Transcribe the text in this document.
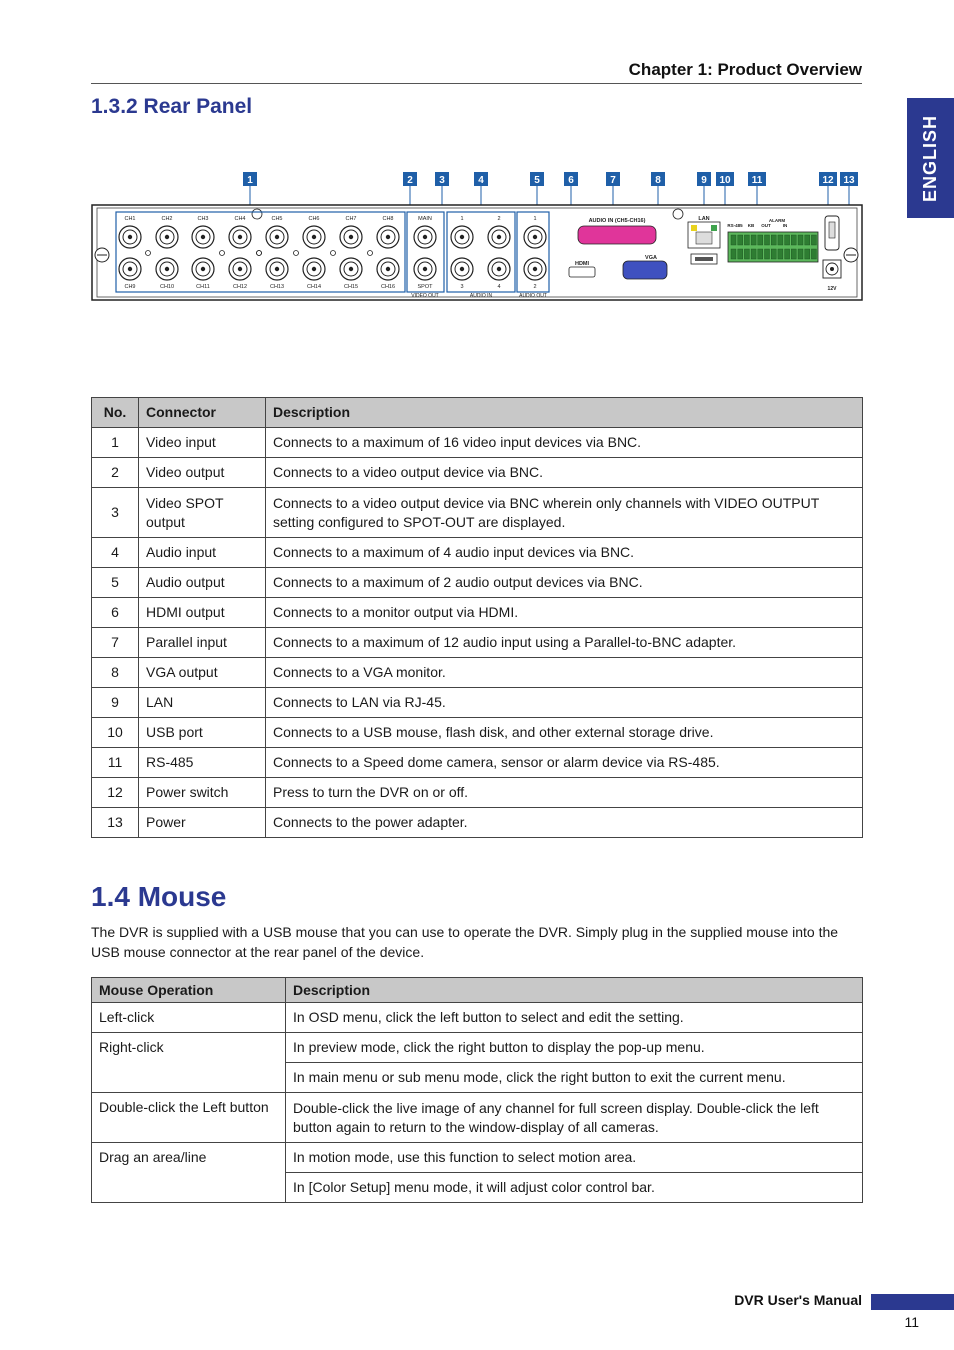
Chapter 1: Product Overview
ENGLISH
1.3.2 Rear Panel
1	2	3	4	5	6	7	8	9 10 11	12 13
CH1	CH2	CH3	CH4	CH5	CH6	CH7	CH8
CH9	CH10	CH11	CH12	CH13	CH14	CH15	CH16
MAIN
SPOT
VIDEO OUT
1	2
3	4
AUDIO IN
1
2
AUDIO OUT
AUDIO IN (CH5-CH16)
HDMI
VGA
LAN
RS-485 KB
ALARM
OUT	IN
12V
No.	Connector	Description
1	Video input	Connects to a maximum of 16 video input devices via BNC.
2	Video output	Connects to a video output device via BNC.
3	Video SPOT output	Connects to a video output device via BNC wherein only channels with VIDEO OUTPUT setting configured to SPOT-OUT are displayed.
4	Audio input	Connects to a maximum of 4 audio input devices via BNC.
5	Audio output	Connects to a maximum of 2 audio output devices via BNC.
6	HDMI output	Connects to a monitor output via HDMI.
7	Parallel input	Connects to a maximum of 12 audio input using a Parallel-to-BNC adapter.
8	VGA output	Connects to a VGA monitor.
9	LAN	Connects to LAN via RJ-45.
10	USB port	Connects to a USB mouse, flash disk, and other external storage drive.
11	RS-485	Connects to a Speed dome camera, sensor or alarm device via RS-485.
12	Power switch	Press to turn the DVR on or off.
13	Power	Connects to the power adapter.
1.4 Mouse

The DVR is supplied with a USB mouse that you can use to operate the DVR. Simply plug in the supplied mouse into the USB mouse connector at the rear panel of the device.

Mouse Operation	Description
Left-click	In OSD menu, click the left button to select and edit the setting.
Right-click	In preview mode, click the right button to display the pop-up menu.
	In main menu or sub menu mode, click the right button to exit the current menu.
Double-click the Left button	Double-click the live image of any channel for full screen display. Double-click the left button again to return to the window-display of all cameras.
Drag an area/line	In motion mode, use this function to select motion area.
	In [Color Setup] menu mode, it will adjust color control bar.
DVR User's Manual
11
